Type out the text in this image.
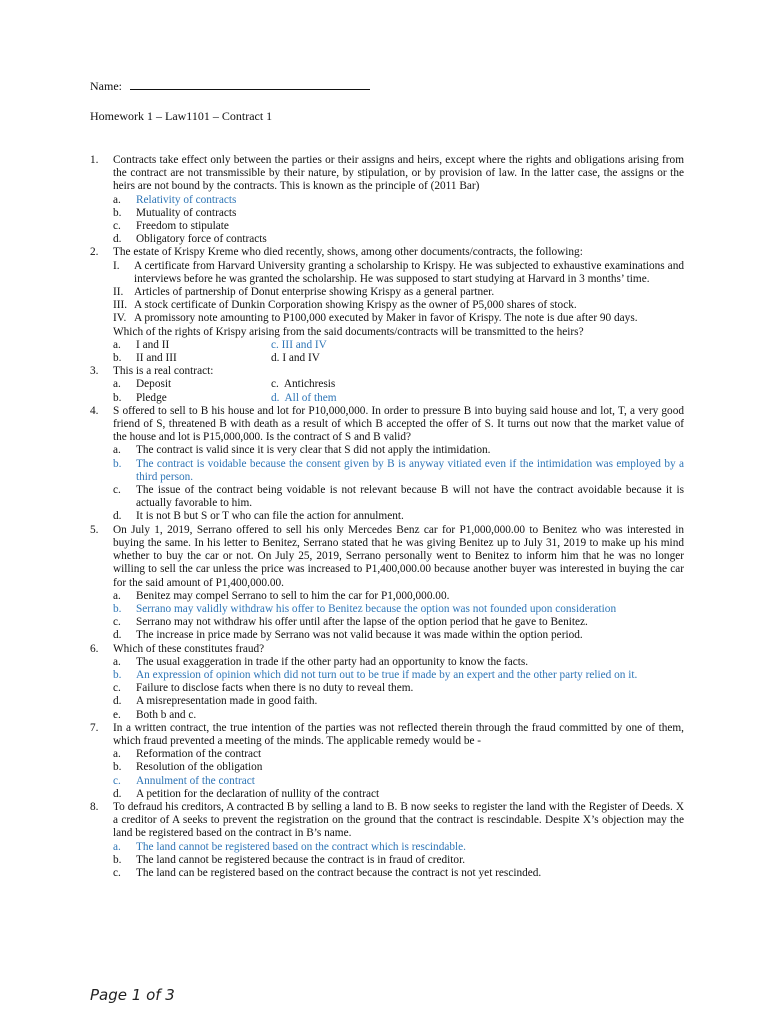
Name:
Homework 1 – Law1101 – Contract 1
1. Contracts take effect only between the parties or their assigns and heirs, except where the rights and obligations arising from the contract are not transmissible by their nature, by stipulation, or by provision of law. In the latter case, the assigns or the heirs are not bound by the contracts. This is known as the principle of (2011 Bar)
a. Relativity of contracts
b. Mutuality of contracts
c. Freedom to stipulate
d. Obligatory force of contracts
2. The estate of Krispy Kreme who died recently, shows, among other documents/contracts, the following:
I. A certificate from Harvard University granting a scholarship to Krispy. He was subjected to exhaustive examinations and interviews before he was granted the scholarship. He was supposed to start studying at Harvard in 3 months’ time.
II. Articles of partnership of Donut enterprise showing Krispy as a general partner.
III. A stock certificate of Dunkin Corporation showing Krispy as the owner of P5,000 shares of stock.
IV. A promissory note amounting to P100,000 executed by Maker in favor of Krispy. The note is due after 90 days.
Which of the rights of Krispy arising from the said documents/contracts will be transmitted to the heirs?
a. I and II	c. III and IV
b. II and III	d. I and IV
3. This is a real contract:
a. Deposit	c. Antichresis
b. Pledge	d. All of them
4. S offered to sell to B his house and lot for P10,000,000. In order to pressure B into buying said house and lot, T, a very good friend of S, threatened B with death as a result of which B accepted the offer of S. It turns out now that the market value of the house and lot is P15,000,000. Is the contract of S and B valid?
a. The contract is valid since it is very clear that S did not apply the intimidation.
b. The contract is voidable because the consent given by B is anyway vitiated even if the intimidation was employed by a third person.
c. The issue of the contract being voidable is not relevant because B will not have the contract avoidable because it is actually favorable to him.
d. It is not B but S or T who can file the action for annulment.
5. On July 1, 2019, Serrano offered to sell his only Mercedes Benz car for P1,000,000.00 to Benitez who was interested in buying the same. In his letter to Benitez, Serrano stated that he was giving Benitez up to July 31, 2019 to make up his mind whether to buy the car or not. On July 25, 2019, Serrano personally went to Benitez to inform him that he was no longer willing to sell the car unless the price was increased to P1,400,000.00 because another buyer was interested in buying the car for the said amount of P1,400,000.00.
a. Benitez may compel Serrano to sell to him the car for P1,000,000.00.
b. Serrano may validly withdraw his offer to Benitez because the option was not founded upon consideration
c. Serrano may not withdraw his offer until after the lapse of the option period that he gave to Benitez.
d. The increase in price made by Serrano was not valid because it was made within the option period.
6. Which of these constitutes fraud?
a. The usual exaggeration in trade if the other party had an opportunity to know the facts.
b. An expression of opinion which did not turn out to be true if made by an expert and the other party relied on it.
c. Failure to disclose facts when there is no duty to reveal them.
d. A misrepresentation made in good faith.
e. Both b and c.
7. In a written contract, the true intention of the parties was not reflected therein through the fraud committed by one of them, which fraud prevented a meeting of the minds. The applicable remedy would be -
a. Reformation of the contract
b. Resolution of the obligation
c. Annulment of the contract
d. A petition for the declaration of nullity of the contract
8. To defraud his creditors, A contracted B by selling a land to B. B now seeks to register the land with the Register of Deeds. X a creditor of A seeks to prevent the registration on the ground that the contract is rescindable. Despite X’s objection may the land be registered based on the contract in B’s name.
a. The land cannot be registered based on the contract which is rescindable.
b. The land cannot be registered because the contract is in fraud of creditor.
c. The land can be registered based on the contract because the contract is not yet rescinded.
Page 1 of 3
